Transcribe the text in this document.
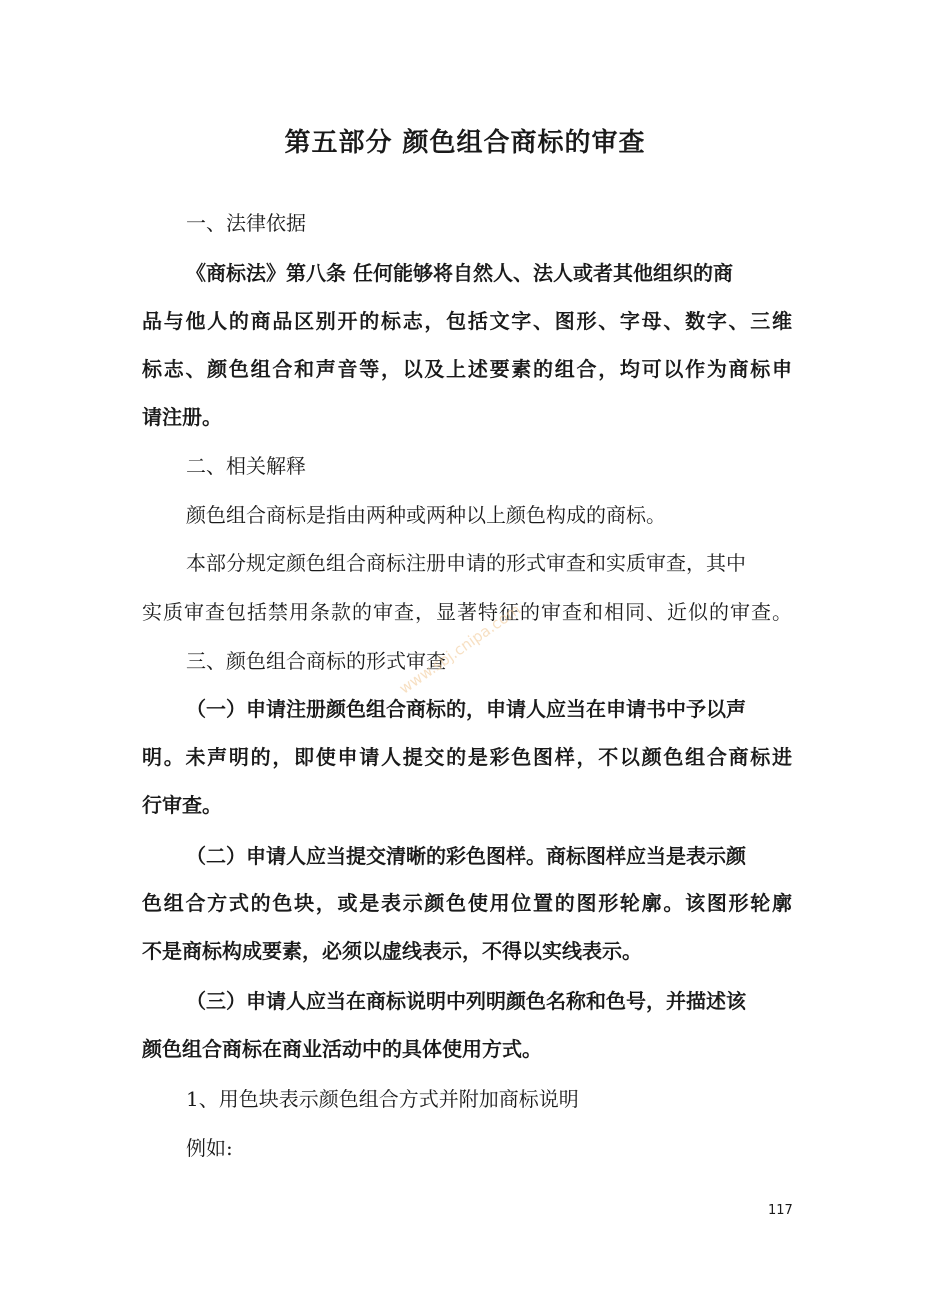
第五部分 颜色组合商标的审查
一、法律依据
《商标法》第八条 任何能够将自然人、法人或者其他组织的商
品与他人的商品区别开的标志，包括文字、图形、字母、数字、三维
标志、颜色组合和声音等，以及上述要素的组合，均可以作为商标申
请注册。
二、相关解释
颜色组合商标是指由两种或两种以上颜色构成的商标。
本部分规定颜色组合商标注册申请的形式审查和实质审查，其中
实质审查包括禁用条款的审查，显著特征的审查和相同、近似的审查。
三、颜色组合商标的形式审查
（一）申请注册颜色组合商标的，申请人应当在申请书中予以声
明。未声明的，即使申请人提交的是彩色图样，不以颜色组合商标进
行审查。
（二）申请人应当提交清晰的彩色图样。商标图样应当是表示颜
色组合方式的色块，或是表示颜色使用位置的图形轮廓。该图形轮廓
不是商标构成要素，必须以虚线表示，不得以实线表示。
（三）申请人应当在商标说明中列明颜色名称和色号，并描述该
颜色组合商标在商业活动中的具体使用方式。
1、用色块表示颜色组合方式并附加商标说明
例如:
www.sbj.cnipa.com
117
